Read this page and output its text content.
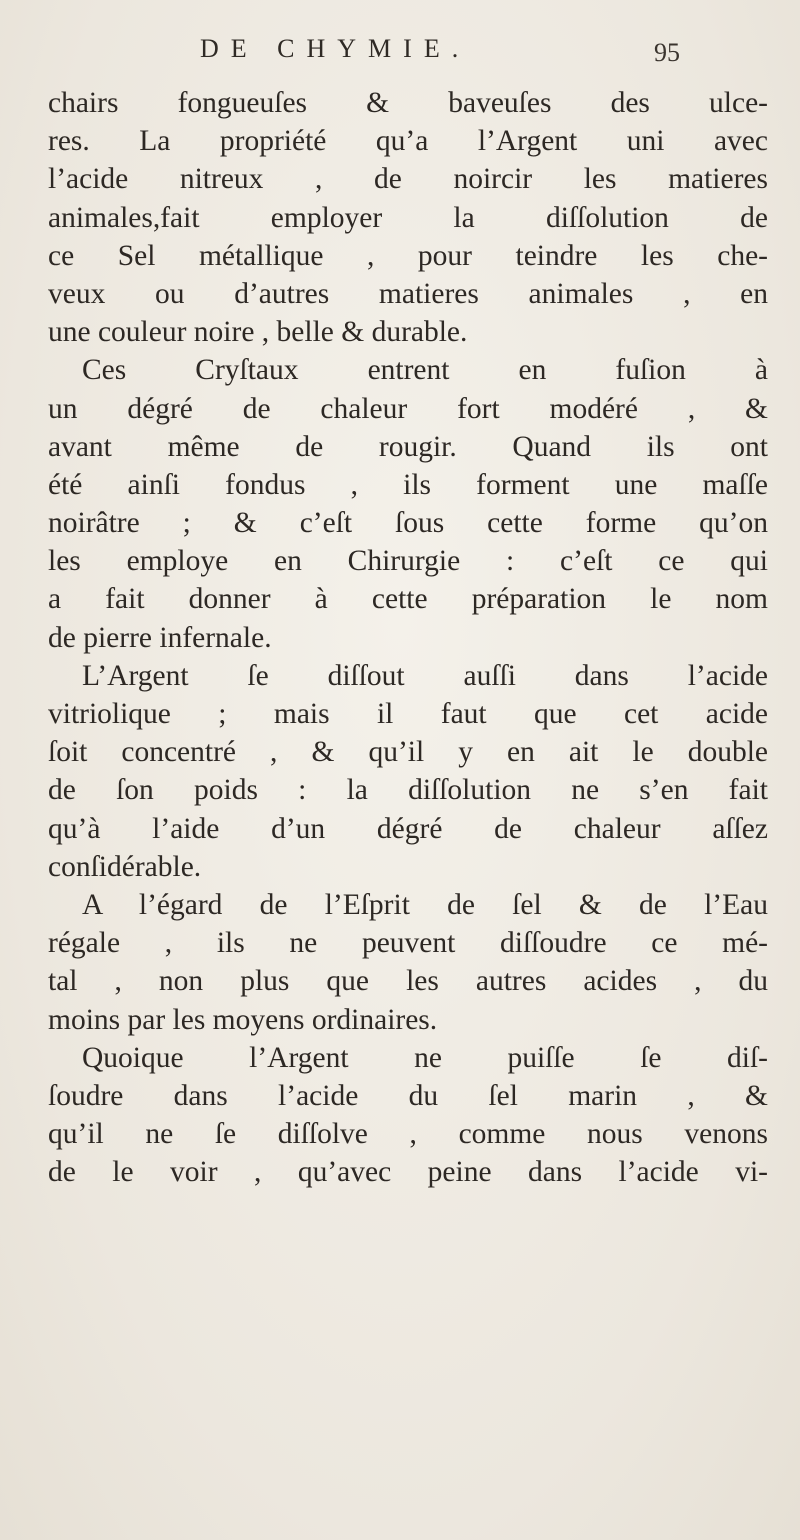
DE CHYMIE.	95
chairs fongueuſes & baveuſes des ulce-
res. La propriété qu’a l’Argent uni avec
l’acide nitreux , de noircir les matieres
animales,fait employer la diſſolution de
ce Sel métallique , pour teindre les che-
veux ou d’autres matieres animales , en
une couleur noire , belle & durable.
Ces Cryſtaux entrent en fuſion à
un dégré de chaleur fort modéré , &
avant même de rougir. Quand ils ont
été ainſi fondus , ils forment une maſſe
noirâtre ; & c’eſt ſous cette forme qu’on
les employe en Chirurgie : c’eſt ce qui
a fait donner à cette préparation le nom
de pierre infernale.
L’Argent ſe diſſout auſſi dans l’acide
vitriolique ; mais il faut que cet acide
ſoit concentré , & qu’il y en ait le double
de ſon poids : la diſſolution ne s’en fait
qu’à l’aide d’un dégré de chaleur aſſez
conſidérable.
A l’égard de l’Eſprit de ſel & de l’Eau
régale , ils ne peuvent diſſoudre ce mé-
tal , non plus que les autres acides , du
moins par les moyens ordinaires.
Quoique l’Argent ne puiſſe ſe diſ-
ſoudre dans l’acide du ſel marin , &
qu’il ne ſe diſſolve , comme nous venons
de le voir , qu’avec peine dans l’acide vi-
